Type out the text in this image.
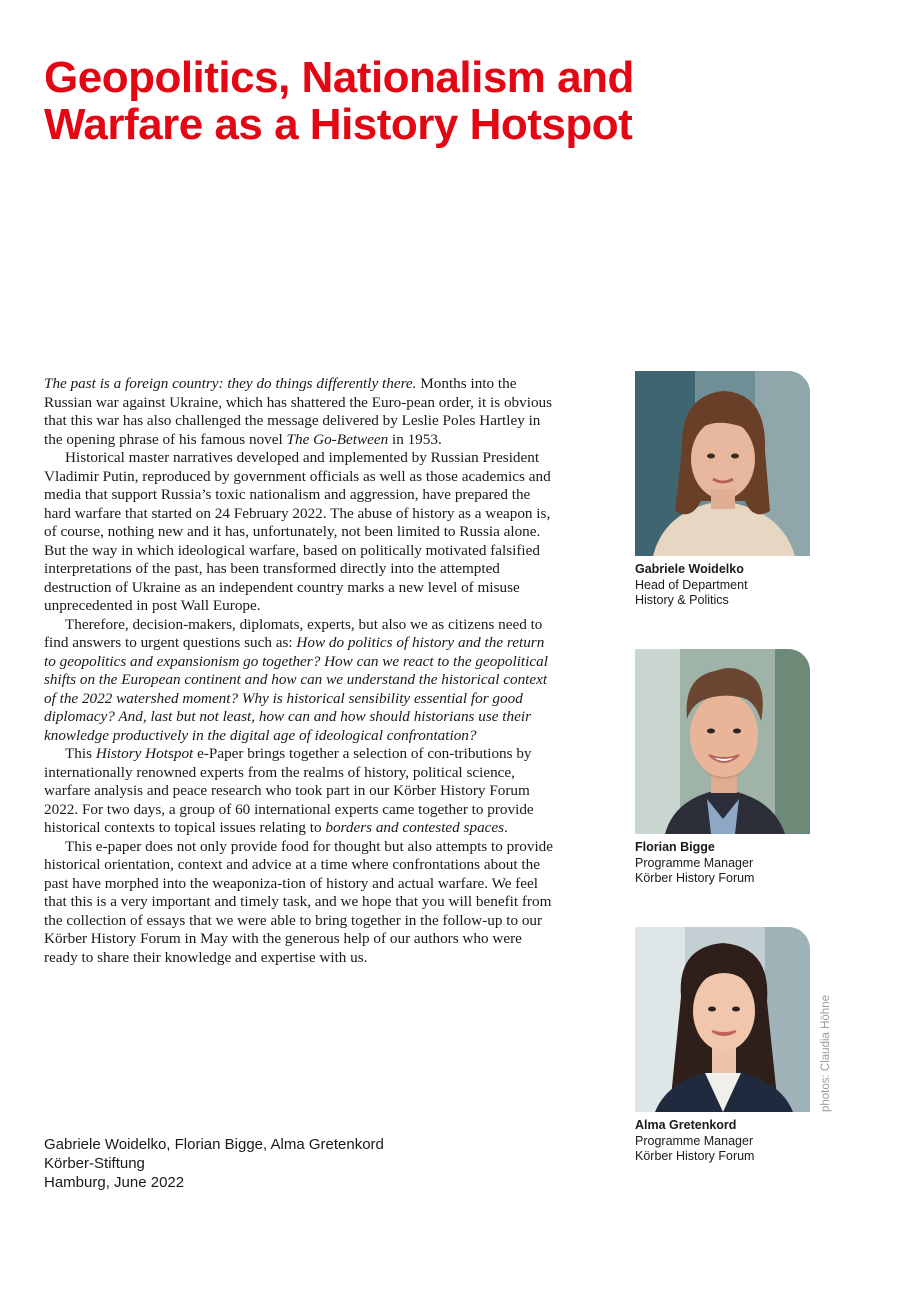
Geopolitics, Nationalism and Warfare as a History Hotspot

The past is a foreign country: they do things differently there. Months into the Russian war against Ukraine, which has shattered the Euro-pean order, it is obvious that this war has also challenged the message delivered by Leslie Poles Hartley in the opening phrase of his famous novel The Go-Between in 1953.

Historical master narratives developed and implemented by Russian President Vladimir Putin, reproduced by government officials as well as those academics and media that support Russia’s toxic nationalism and aggression, have prepared the hard warfare that started on 24 February 2022. The abuse of history as a weapon is, of course, nothing new and it has, unfortunately, not been limited to Russia alone. But the way in which ideological warfare, based on politically motivated falsified interpretations of the past, has been transformed directly into the attempted destruction of Ukraine as an independent country marks a new level of misuse unprecedented in post Wall Europe.

Therefore, decision-makers, diplomats, experts, but also we as citizens need to find answers to urgent questions such as: How do politics of history and the return to geopolitics and expansionism go together? How can we react to the geopolitical shifts on the European continent and how can we understand the historical context of the 2022 watershed moment? Why is historical sensibility essential for good diplomacy? And, last but not least, how can and how should historians use their knowledge productively in the digital age of ideological confrontation?

This History Hotspot e-Paper brings together a selection of con-tributions by internationally renowned experts from the realms of history, political science, warfare analysis and peace research who took part in our Körber History Forum 2022. For two days, a group of 60 international experts came together to provide historical contexts to topical issues relating to borders and contested spaces.

This e-paper does not only provide food for thought but also attempts to provide historical orientation, context and advice at a time where confrontations about the past have morphed into the weaponiza-tion of history and actual warfare. We feel that this is a very important and timely task, and we hope that you will benefit from the collection of essays that we were able to bring together in the follow-up to our Körber History Forum in May with the generous help of our authors who were ready to share their knowledge and expertise with us.

Gabriele Woidelko, Florian Bigge, Alma Gretenkord
Körber-Stiftung
Hamburg, June 2022
Gabriele Woidelko
Head of Department
History & Politics
Florian Bigge
Programme Manager
Körber History Forum
Alma Gretenkord
Programme Manager
Körber History Forum
photos: Claudia Höhne
